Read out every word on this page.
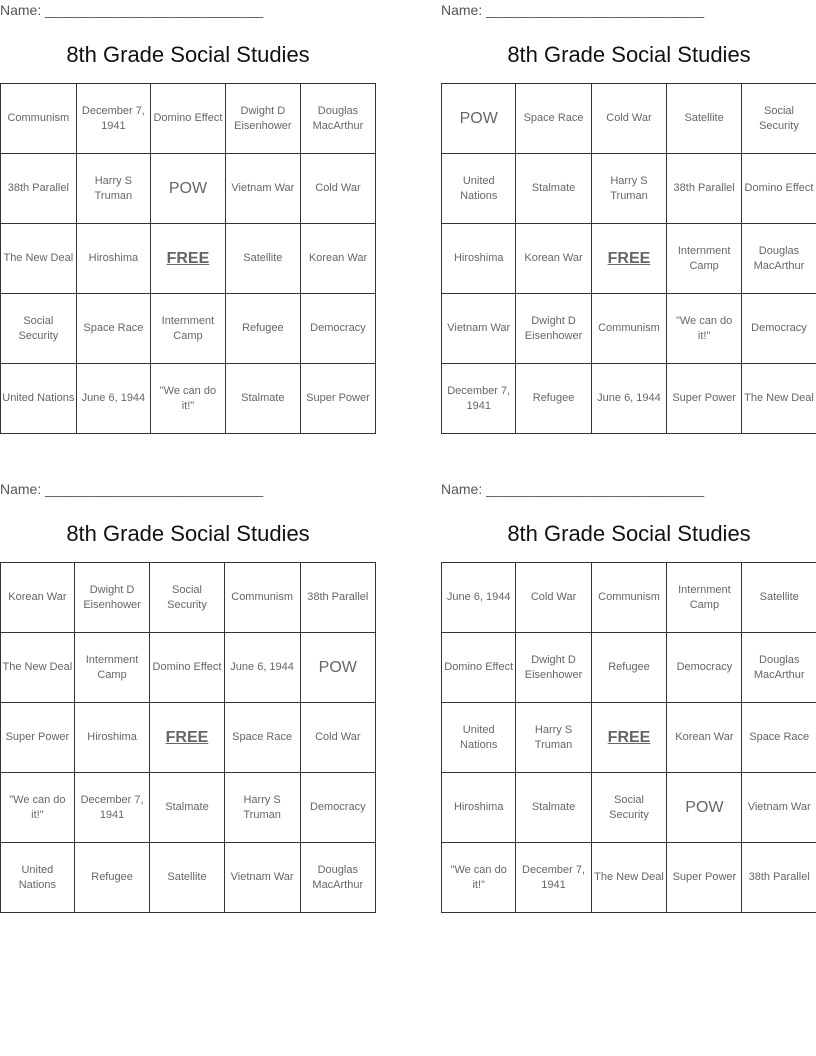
Name: ____________________________
8th Grade Social Studies
Communism	December 7, 1941	Domino Effect	Dwight D Eisenhower	Douglas MacArthur
38th Parallel	Harry S Truman	POW	Vietnam War	Cold War
The New Deal	Hiroshima	FREE	Satellite	Korean War
Social Security	Space Race	Internment Camp	Refugee	Democracy
United Nations	June 6, 1944	"We can do it!"	Stalmate	Super Power
Name: ____________________________
8th Grade Social Studies
POW	Space Race	Cold War	Satellite	Social Security
United Nations	Stalmate	Harry S Truman	38th Parallel	Domino Effect
Hiroshima	Korean War	FREE	Internment Camp	Douglas MacArthur
Vietnam War	Dwight D Eisenhower	Communism	"We can do it!"	Democracy
December 7, 1941	Refugee	June 6, 1944	Super Power	The New Deal
Name: ____________________________
8th Grade Social Studies
Korean War	Dwight D Eisenhower	Social Security	Communism	38th Parallel
The New Deal	Internment Camp	Domino Effect	June 6, 1944	POW
Super Power	Hiroshima	FREE	Space Race	Cold War
"We can do it!"	December 7, 1941	Stalmate	Harry S Truman	Democracy
United Nations	Refugee	Satellite	Vietnam War	Douglas MacArthur
Name: ____________________________
8th Grade Social Studies
June 6, 1944	Cold War	Communism	Internment Camp	Satellite
Domino Effect	Dwight D Eisenhower	Refugee	Democracy	Douglas MacArthur
United Nations	Harry S Truman	FREE	Korean War	Space Race
Hiroshima	Stalmate	Social Security	POW	Vietnam War
"We can do it!"	December 7, 1941	The New Deal	Super Power	38th Parallel
